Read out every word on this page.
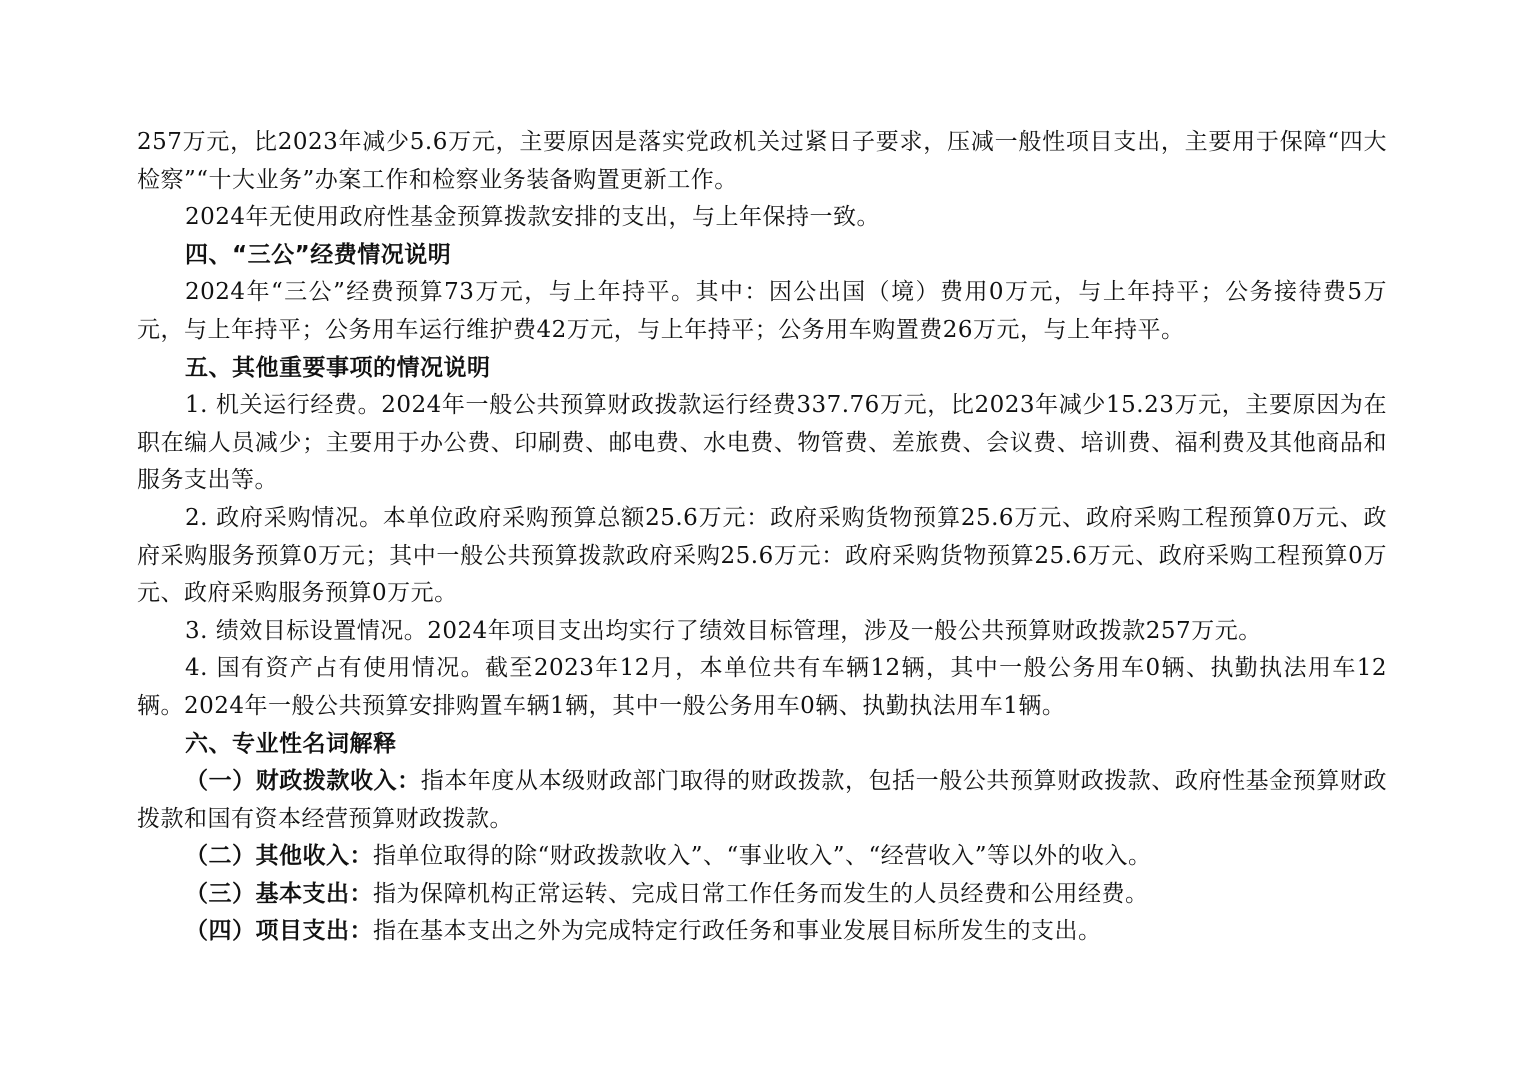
257万元，比2023年减少5.6万元，主要原因是落实党政机关过紧日子要求，压减一般性项目支出，主要用于保障“四大检察”“十大业务”办案工作和检察业务装备购置更新工作。

2024年无使用政府性基金预算拨款安排的支出，与上年保持一致。

四、“三公”经费情况说明

2024年“三公”经费预算73万元，与上年持平。其中：因公出国（境）费用0万元，与上年持平；公务接待费5万元，与上年持平；公务用车运行维护费42万元，与上年持平；公务用车购置费26万元，与上年持平。

五、其他重要事项的情况说明

1. 机关运行经费。2024年一般公共预算财政拨款运行经费337.76万元，比2023年减少15.23万元，主要原因为在职在编人员减少；主要用于办公费、印刷费、邮电费、水电费、物管费、差旅费、会议费、培训费、福利费及其他商品和服务支出等。

2. 政府采购情况。本单位政府采购预算总额25.6万元：政府采购货物预算25.6万元、政府采购工程预算0万元、政府采购服务预算0万元；其中一般公共预算拨款政府采购25.6万元：政府采购货物预算25.6万元、政府采购工程预算0万元、政府采购服务预算0万元。

3. 绩效目标设置情况。2024年项目支出均实行了绩效目标管理，涉及一般公共预算财政拨款257万元。

4. 国有资产占有使用情况。截至2023年12月，本单位共有车辆12辆，其中一般公务用车0辆、执勤执法用车12辆。2024年一般公共预算安排购置车辆1辆，其中一般公务用车0辆、执勤执法用车1辆。

六、专业性名词解释

（一）财政拨款收入：指本年度从本级财政部门取得的财政拨款，包括一般公共预算财政拨款、政府性基金预算财政拨款和国有资本经营预算财政拨款。

（二）其他收入：指单位取得的除“财政拨款收入”、“事业收入”、“经营收入”等以外的收入。

（三）基本支出：指为保障机构正常运转、完成日常工作任务而发生的人员经费和公用经费。

（四）项目支出：指在基本支出之外为完成特定行政任务和事业发展目标所发生的支出。
